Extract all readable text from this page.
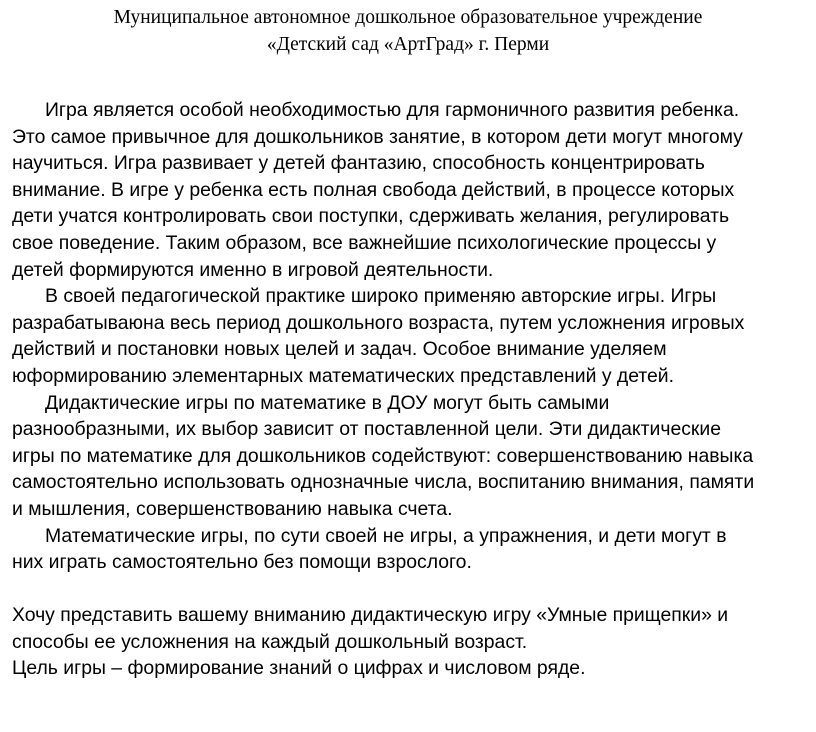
Муниципальное автономное дошкольное образовательное учреждение
«Детский сад «АртГрад» г. Перми
Игра является особой необходимостью для гармоничного развития ребенка.
Это самое привычное для дошкольников занятие, в котором дети могут многому
научиться. Игра развивает у детей фантазию, способность концентрировать
внимание. В игре у ребенка есть полная свобода действий, в процессе которых
дети учатся контролировать свои поступки, сдерживать желания, регулировать
свое поведение. Таким образом, все важнейшие психологические процессы у
детей формируются именно в игровой деятельности.
В своей педагогической практике широко применяю авторские игры. Игры
разрабатываюна весь период дошкольного возраста, путем усложнения игровых
действий и постановки новых целей и задач. Особое внимание уделяем
юформированию элементарных математических представлений у детей.
Дидактические игры по математике в ДОУ могут быть самыми
разнообразными, их выбор зависит от поставленной цели. Эти дидактические
игры по математике для дошкольников содействуют: совершенствованию навыка
самостоятельно использовать однозначные числа, воспитанию внимания, памяти
и мышления, совершенствованию навыка счета.
Математические игры, по сути своей не игры, а упражнения, и дети могут в
них играть самостоятельно без помощи взрослого.
Хочу представить вашему вниманию дидактическую игру «Умные прищепки» и
способы ее усложнения на каждый дошкольный возраст.
Цель игры – формирование знаний о цифрах и числовом ряде.
